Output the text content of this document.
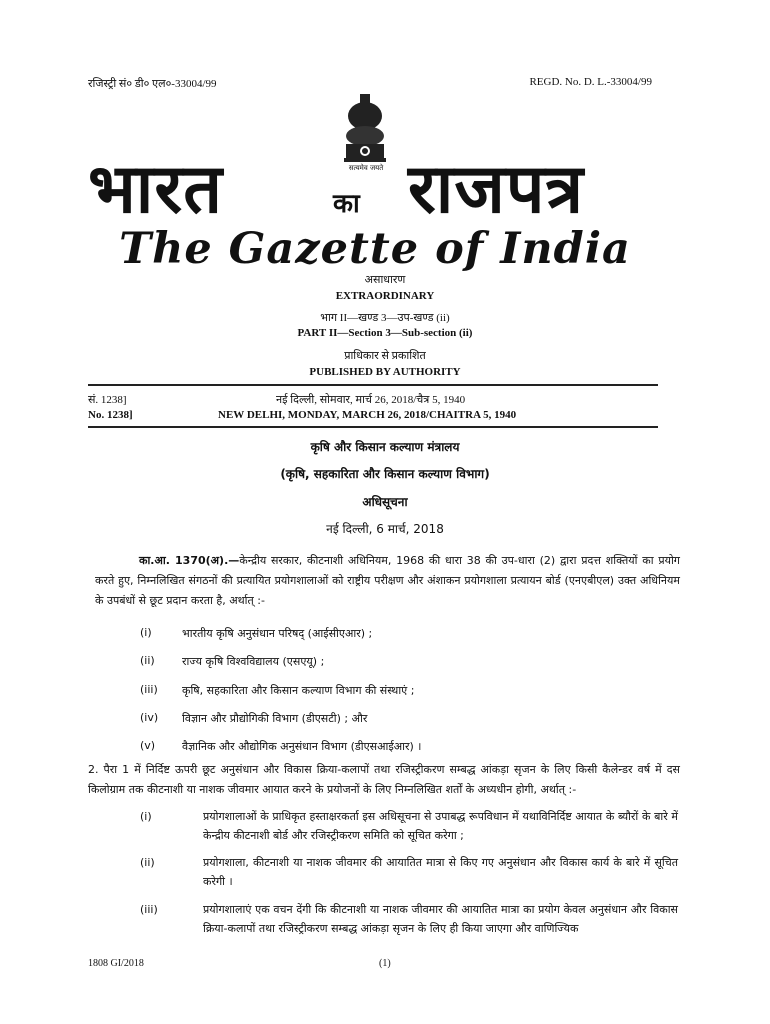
रजिस्ट्री सं० डी० एल०-33004/99	REGD. No. D. L.-33004/99
सत्यमेव जयते
भारत	का राजपत्र
The Gazette of India
असाधारण
EXTRAORDINARY
भाग II—खण्ड 3—उप-खण्ड (ii)
PART II—Section 3—Sub-section (ii)
प्राधिकार से प्रकाशित
PUBLISHED BY AUTHORITY
सं. 1238]	नई दिल्ली, सोमवार, मार्च 26, 2018/चैत्र 5, 1940
No. 1238]	NEW DELHI, MONDAY, MARCH 26, 2018/CHAITRA 5, 1940
कृषि और किसान कल्याण मंत्रालय
(कृषि, सहकारिता और किसान कल्याण विभाग)
अधिसूचना
नई दिल्ली, 6 मार्च, 2018
का.आ. 1370(अ).—केन्द्रीय सरकार, कीटनाशी अधिनियम, 1968 की धारा 38 की उप-धारा (2) द्वारा प्रदत्त शक्तियों का प्रयोग करते हुए, निम्नलिखित संगठनों की प्रत्यायित प्रयोगशालाओं को राष्ट्रीय परीक्षण और अंशाकन प्रयोगशाला प्रत्यायन बोर्ड (एनएबीएल) उक्त अधिनियम के उपबंधों से छूट प्रदान करता है, अर्थात् :-
(i)	भारतीय कृषि अनुसंधान परिषद् (आईसीएआर) ;
(ii) राज्य कृषि विश्वविद्यालय (एसएयू) ;
(iii) कृषि, सहकारिता और किसान कल्याण विभाग की संस्थाएं ;
(iv) विज्ञान और प्रौद्योगिकी विभाग (डीएसटी) ; और
(v) वैज्ञानिक और औद्योगिक अनुसंधान विभाग (डीएसआईआर) ।
2. पैरा 1 में निर्दिष्ट ऊपरी छूट अनुसंधान और विकास क्रिया-कलापों तथा रजिस्ट्रीकरण सम्बद्ध आंकड़ा सृजन के लिए किसी कैलेन्डर वर्ष में दस किलोग्राम तक कीटनाशी या नाशक जीवमार आयात करने के प्रयोजनों के लिए निम्नलिखित शर्तों के अध्यधीन होगी, अर्थात् :-
(i)	प्रयोगशालाओं के प्राधिकृत हस्ताक्षरकर्ता इस अधिसूचना से उपाबद्ध रूपविधान में यथाविनिर्दिष्ट आयात के ब्यौरों के बारे में केन्द्रीय कीटनाशी बोर्ड और रजिस्ट्रीकरण समिति को सूचित करेगा ;
(ii)	प्रयोगशाला, कीटनाशी या नाशक जीवमार की आयातित मात्रा से किए गए अनुसंधान और विकास कार्य के बारे में सूचित करेगी ।
(iii)	प्रयोगशालाएं एक वचन देंगी कि कीटनाशी या नाशक जीवमार की आयातित मात्रा का प्रयोग केवल अनुसंधान और विकास क्रिया-कलापों तथा रजिस्ट्रीकरण सम्बद्ध आंकड़ा सृजन के लिए ही किया जाएगा और वाणिज्यिक
1808 GI/2018	(1)
